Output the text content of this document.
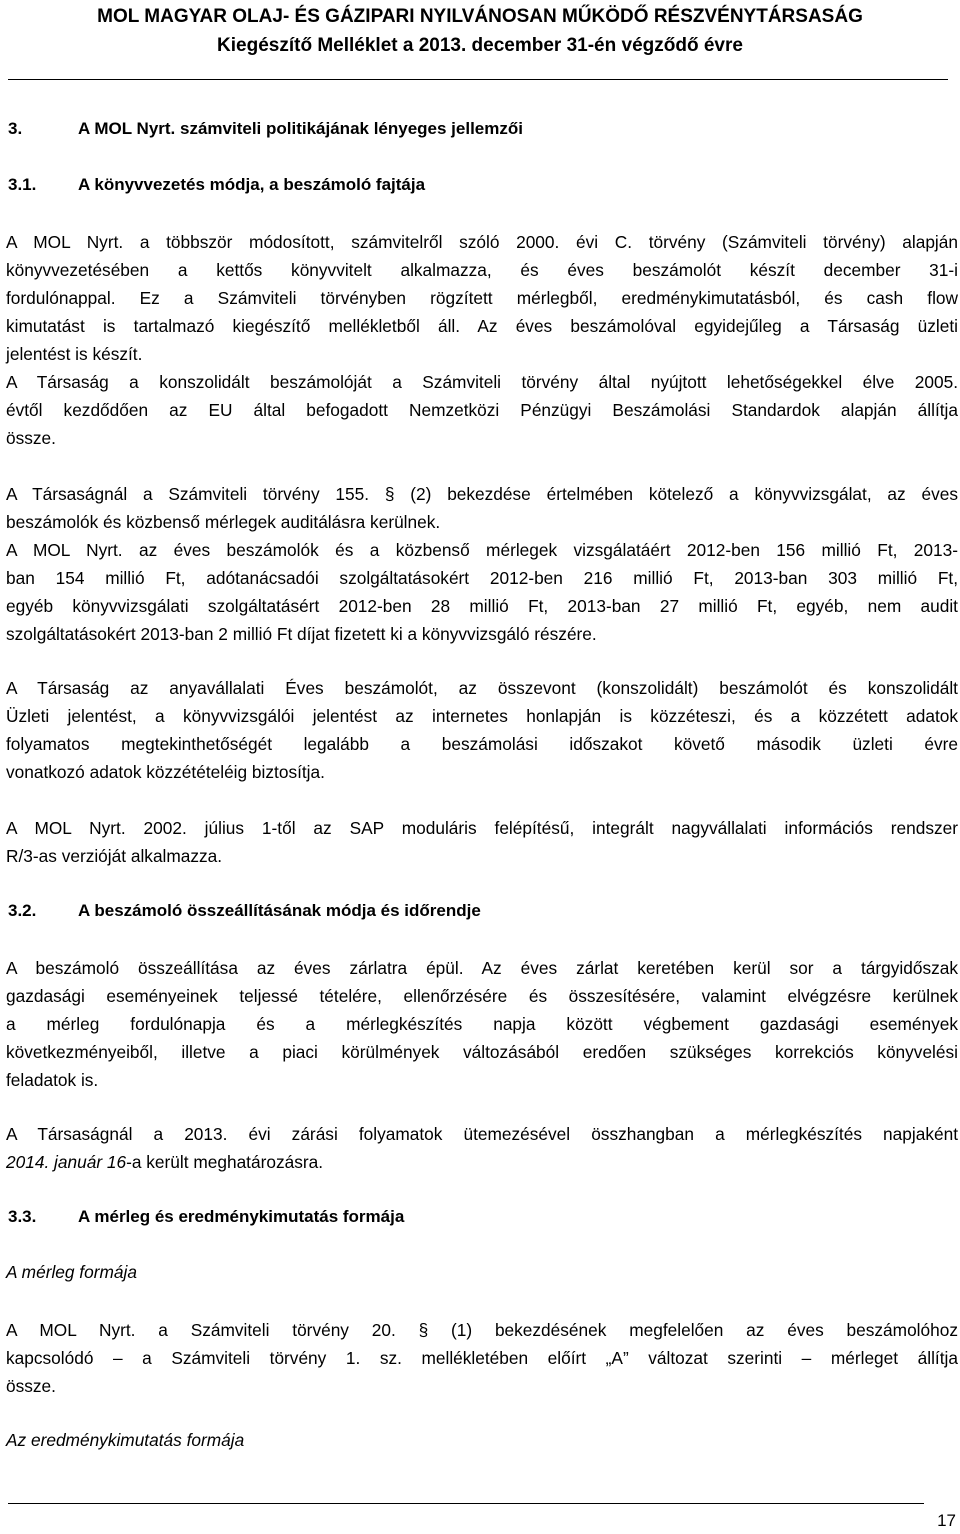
MOL MAGYAR OLAJ- ÉS GÁZIPARI NYILVÁNOSAN MŰKÖDŐ RÉSZVÉNYTÁRSASÁG
Kiegészítő Melléklet a 2013. december 31-én végződő évre
3.	A MOL Nyrt. számviteli politikájának lényeges jellemzői
3.1. A könyvvezetés módja, a beszámoló fajtája
A MOL Nyrt. a többször módosított, számvitelről szóló 2000. évi C. törvény (Számviteli törvény) alapján
könyvvezetésében a kettős könyvvitelt alkalmazza, és éves beszámolót készít december 31-i
fordulónappal. Ez a Számviteli törvényben rögzített mérlegből, eredménykimutatásból, és cash flow
kimutatást is tartalmazó kiegészítő mellékletből áll. Az éves beszámolóval egyidejűleg a Társaság üzleti
jelentést is készít.
A Társaság a konszolidált beszámolóját a Számviteli törvény által nyújtott lehetőségekkel élve 2005.
évtől kezdődően az EU által befogadott Nemzetközi Pénzügyi Beszámolási Standardok alapján állítja
össze.
A Társaságnál a Számviteli törvény 155. § (2) bekezdése értelmében kötelező a könyvvizsgálat, az éves
beszámolók és közbenső mérlegek auditálásra kerülnek.
A MOL Nyrt. az éves beszámolók és a közbenső mérlegek vizsgálatáért 2012-ben 156 millió Ft, 2013-
ban 154 millió Ft, adótanácsadói szolgáltatásokért 2012-ben 216 millió Ft, 2013-ban 303 millió Ft,
egyéb könyvvizsgálati szolgáltatásért 2012-ben 28 millió Ft, 2013-ban 27 millió Ft, egyéb, nem audit
szolgáltatásokért 2013-ban 2 millió Ft díjat fizetett ki a könyvvizsgáló részére.
A Társaság az anyavállalati Éves beszámolót, az összevont (konszolidált) beszámolót és konszolidált
Üzleti jelentést, a könyvvizsgálói jelentést az internetes honlapján is közzéteszi, és a közzétett adatok
folyamatos megtekinthetőségét legalább a beszámolási időszakot követő második üzleti évre
vonatkozó adatok közzétételéig biztosítja.
A MOL Nyrt. 2002. július 1-től az SAP moduláris felépítésű, integrált nagyvállalati információs rendszer
R/3-as verzióját alkalmazza.
3.2. A beszámoló összeállításának módja és időrendje
A beszámoló összeállítása az éves zárlatra épül. Az éves zárlat keretében kerül sor a tárgyidőszak
gazdasági eseményeinek teljessé tételére, ellenőrzésére és összesítésére, valamint elvégzésre kerülnek
a mérleg fordulónapja és a mérlegkészítés napja között végbement gazdasági események
következményeiből, illetve a piaci körülmények változásából eredően szükséges korrekciós könyvelési
feladatok is.
A Társaságnál a 2013. évi zárási folyamatok ütemezésével összhangban a mérlegkészítés napjaként
2014. január 16-a került meghatározásra.
3.3. A mérleg és eredménykimutatás formája
A mérleg formája
A MOL Nyrt. a Számviteli törvény 20. § (1) bekezdésének megfelelően az éves beszámolóhoz
kapcsolódó – a Számviteli törvény 1. sz. mellékletében előírt „A” változat szerinti – mérleget állítja
össze.
Az eredménykimutatás formája
17
